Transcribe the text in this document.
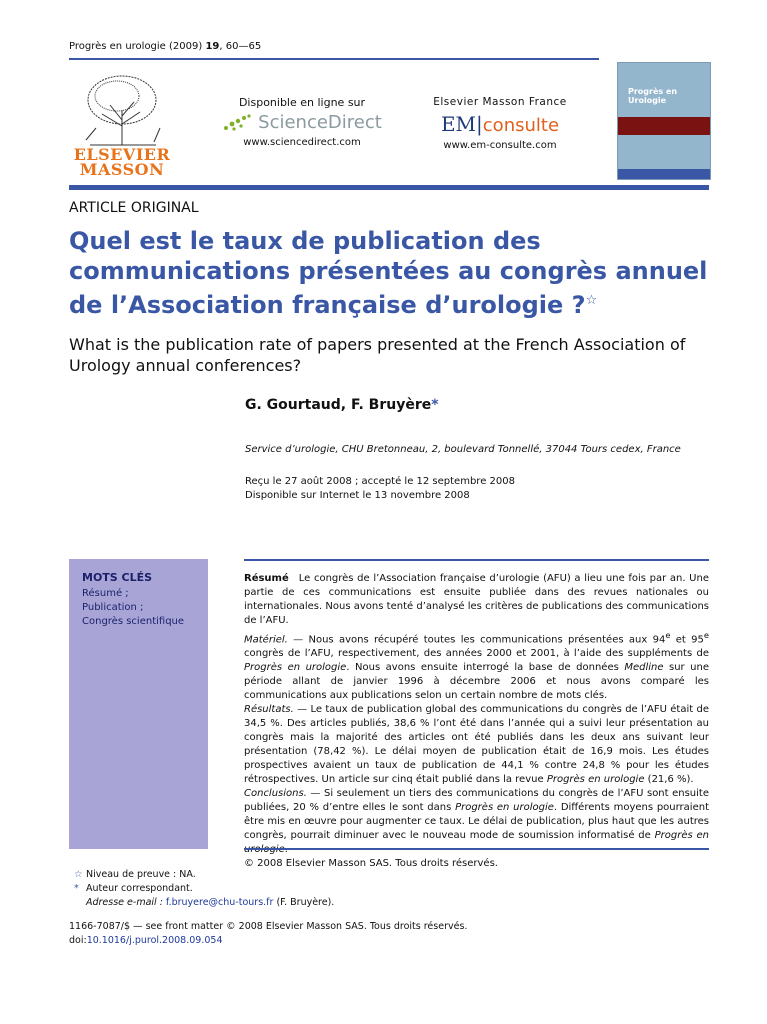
Progrès en urologie (2009) 19, 60—65
ELSEVIER MASSON
Disponible en ligne sur
ScienceDirect
www.sciencedirect.com
Elsevier Masson France
EM|consulte
www.em-consulte.com
Progrès en Urologie
ARTICLE ORIGINAL
Quel est le taux de publication des communications présentées au congrès annuel de l’Association française d’urologie ?☆
What is the publication rate of papers presented at the French Association of Urology annual conferences?
G. Gourtaud, F. Bruyère*
Service d’urologie, CHU Bretonneau, 2, boulevard Tonnellé, 37044 Tours cedex, France
Reçu le 27 août 2008 ; accepté le 12 septembre 2008
Disponible sur Internet le 13 novembre 2008
MOTS CLÉS
Résumé ;
Publication ;
Congrès scientifique

Résumé Le congrès de l’Association française d’urologie (AFU) a lieu une fois par an. Une partie de ces communications est ensuite publiée dans des revues nationales ou internationales. Nous avons tenté d’analysé les critères de publications des communications de l’AFU.

Matériel. — Nous avons récupéré toutes les communications présentées aux 94e et 95e congrès de l’AFU, respectivement, des années 2000 et 2001, à l’aide des suppléments de Progrès en urologie. Nous avons ensuite interrogé la base de données Medline sur une période allant de janvier 1996 à décembre 2006 et nous avons comparé les communications aux publications selon un certain nombre de mots clés.

Résultats. — Le taux de publication global des communications du congrès de l’AFU était de 34,5 %. Des articles publiés, 38,6 % l’ont été dans l’année qui a suivi leur présentation au congrès mais la majorité des articles ont été publiés dans les deux ans suivant leur présentation (78,42 %). Le délai moyen de publication était de 16,9 mois. Les études prospectives avaient un taux de publication de 44,1 % contre 24,8 % pour les études rétrospectives. Un article sur cinq était publié dans la revue Progrès en urologie (21,6 %).

Conclusions. — Si seulement un tiers des communications du congrès de l’AFU sont ensuite publiées, 20 % d’entre elles le sont dans Progrès en urologie. Différents moyens pourraient être mis en œuvre pour augmenter ce taux. Le délai de publication, plus haut que les autres congrès, pourrait diminuer avec le nouveau mode de soumission informatisé de Progrès en

© 2008 Elsevier Masson SAS. Tous droits réservés.

☆ Niveau de preuve : NA.
* Auteur correspondant.
Adresse e-mail : f.bruyere@chu-tours.fr (F. Bruyère).
1166-7087/$ — see front matter © 2008 Elsevier Masson SAS. Tous droits réservés.
doi:10.1016/j.purol.2008.09.054
